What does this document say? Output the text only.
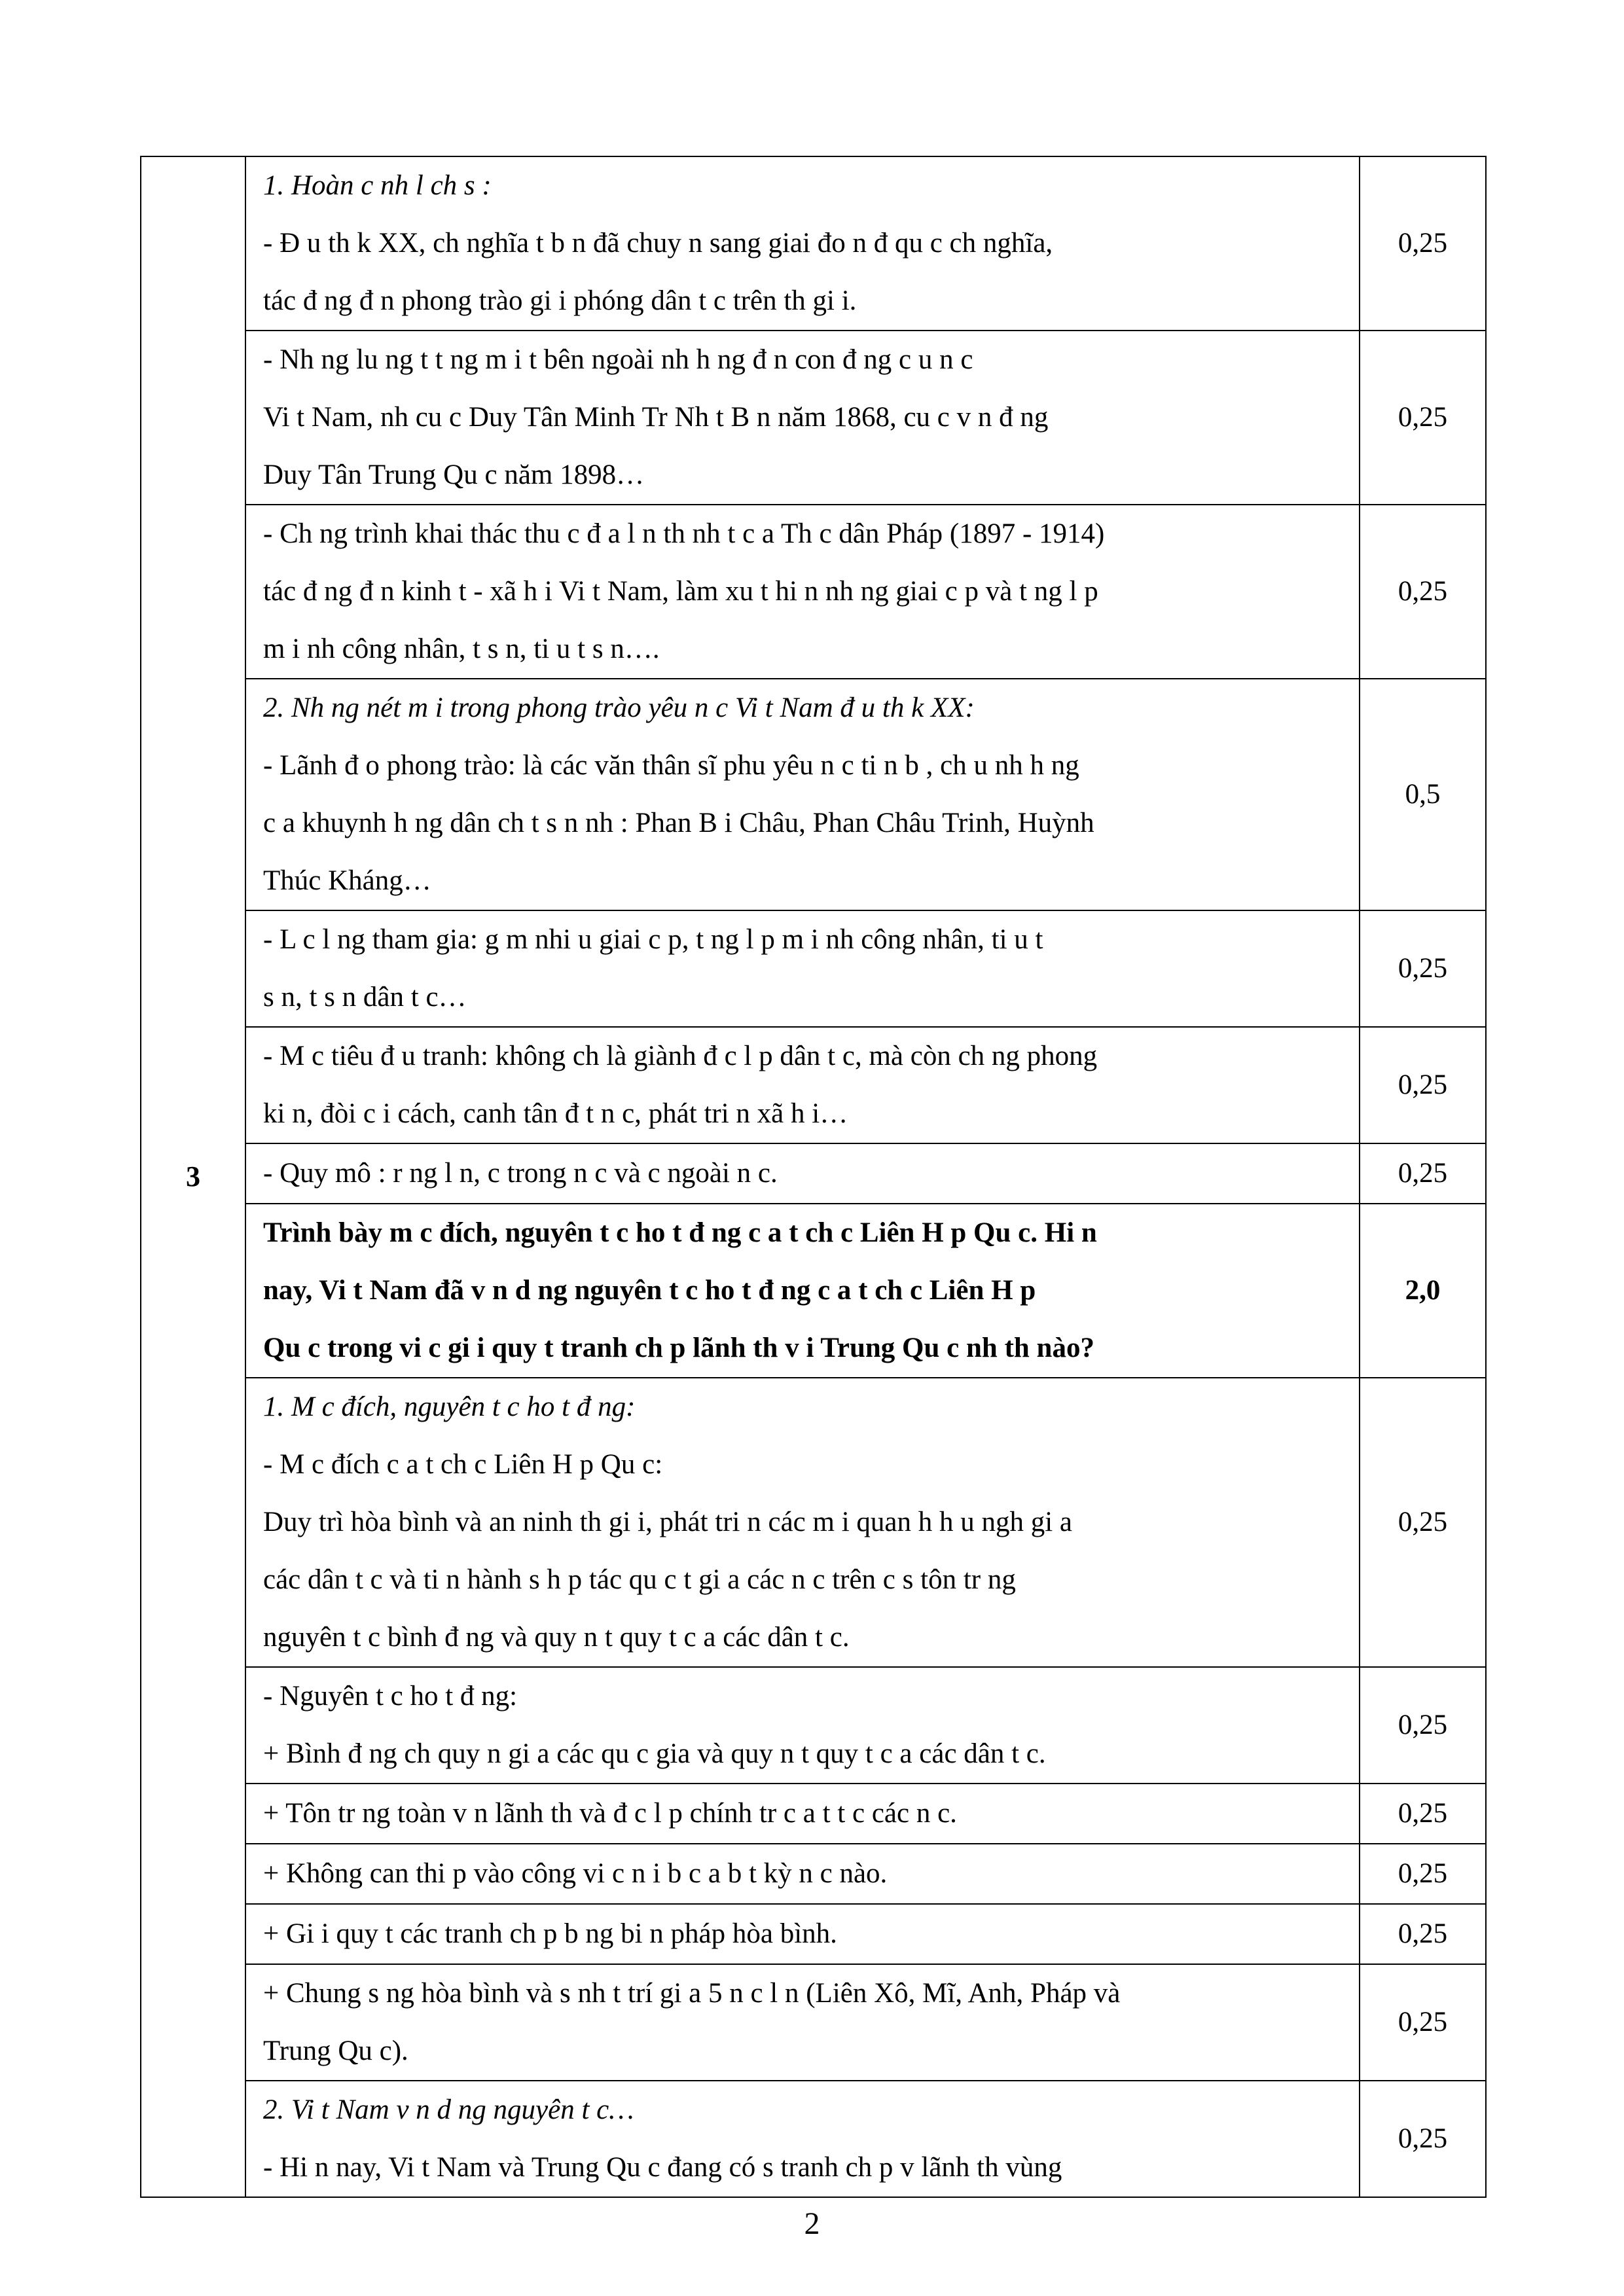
3	1. Hoàn c nh l ch s :
- Đ u th k XX, ch nghĩa t b n đã chuy n sang giai đo n đ qu c ch nghĩa,
tác đ ng đ n phong trào gi i phóng dân t c trên th gi i.	0,25

	- Nh ng lu ng t t ng m i t bên ngoài nh h ng đ n con đ ng c u n c
Vi t Nam, nh cu c Duy Tân Minh Tr Nh t B n năm 1868, cu c v n đ ng
Duy Tân Trung Qu c năm 1898…	0,25

	- Ch ng trình khai thác thu c đ a l n th nh t c a Th c dân Pháp (1897 - 1914)
tác đ ng đ n kinh t - xã h i Vi t Nam, làm xu t hi n nh ng giai c p và t ng l p
m i nh công nhân, t s n, ti u t s n….	0,25

	2. Nh ng nét m i trong phong trào yêu n c Vi t Nam đ u th k XX:
- Lãnh đ o phong trào: là các văn thân sĩ phu yêu n c ti n b , ch u nh h ng
c a khuynh h ng dân ch t s n nh : Phan B i Châu, Phan Châu Trinh, Huỳnh
Thúc Kháng…	0,5

	- L c l ng tham gia: g m nhi u giai c p, t ng l p m i nh công nhân, ti u t
s n, t s n dân t c…	0,25

	- M c tiêu đ u tranh: không ch là giành đ c l p dân t c, mà còn ch ng phong
ki n, đòi c i cách, canh tân đ t n c, phát tri n xã h i…	0,25

	- Quy mô : r ng l n, c trong n c và c ngoài n c.	0,25

	Trình bày m c đích, nguyên t c ho t đ ng c a t ch c Liên H p Qu c. Hi n
nay, Vi t Nam đã v n d ng nguyên t c ho t đ ng c a t ch c Liên H p
Qu c trong vi c gi i quy t tranh ch p lãnh th v i Trung Qu c nh th nào?	2,0

	1. M c đích, nguyên t c ho t đ ng:
- M c đích c a t ch c Liên H p Qu c:
Duy trì hòa bình và an ninh th gi i, phát tri n các m i quan h h u ngh gi a
các dân t c và ti n hành s h p tác qu c t gi a các n c trên c s tôn tr ng
nguyên t c bình đ ng và quy n t quy t c a các dân t c.	0,25

	- Nguyên t c ho t đ ng:
+ Bình đ ng ch quy n gi a các qu c gia và quy n t quy t c a các dân t c.	0,25

	+ Tôn tr ng toàn v n lãnh th và đ c l p chính tr c a t t c các n c.	0,25

	+ Không can thi p vào công vi c n i b c a b t kỳ n c nào.	0,25

	+ Gi i quy t các tranh ch p b ng bi n pháp hòa bình.	0,25

	+ Chung s ng hòa bình và s nh t trí gi a 5 n c l n (Liên Xô, Mĩ, Anh, Pháp và
Trung Qu c).	0,25

	2. Vi t Nam v n d ng nguyên t c…
- Hi n nay, Vi t Nam và Trung Qu c đang có s tranh ch p v lãnh th vùng	0,25
2
